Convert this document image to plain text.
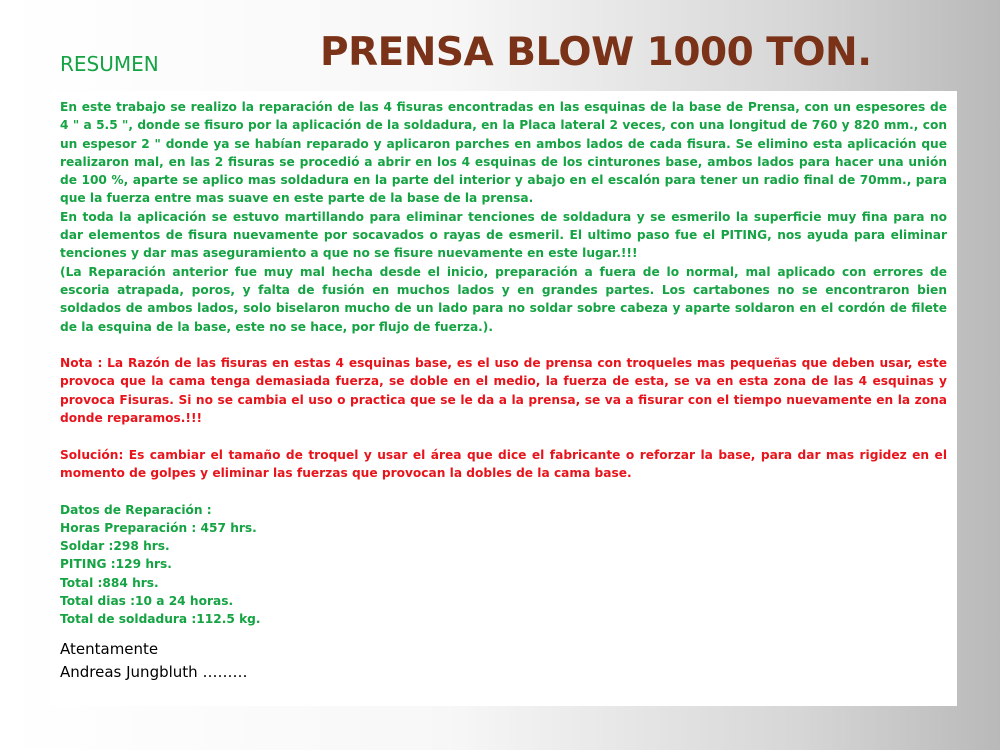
RESUMEN	PRENSA BLOW 1000 TON.

En este trabajo se realizo la reparación de las 4 fisuras encontradas en las esquinas de la base de Prensa, con un espesores de 4 " a 5.5 ", donde se fisuro por la aplicación de la soldadura, en la Placa lateral 2 veces, con una longitud de 760 y 820 mm., con un espesor 2 " donde ya se habían reparado y aplicaron parches en ambos lados de cada fisura. Se elimino esta aplicación que realizaron mal, en las 2 fisuras se procedió a abrir en los 4 esquinas de los cinturones base, ambos lados para hacer una unión de 100 %, aparte se aplico mas soldadura en la parte del interior y abajo en el escalón para tener un radio final de 70mm., para que la fuerza entre mas suave en este parte de la base de la prensa.

En toda la aplicación se estuvo martillando para eliminar tenciones de soldadura y se esmerilo la superficie muy fina para no dar elementos de fisura nuevamente por socavados o rayas de esmeril. El ultimo paso fue el PITING, nos ayuda para eliminar tenciones y dar mas aseguramiento a que no se fisure nuevamente en este lugar.!!!

(La Reparación anterior fue muy mal hecha desde el inicio, preparación a fuera de lo normal, mal aplicado con errores de escoria atrapada, poros, y falta de fusión en muchos lados y en grandes partes. Los cartabones no se encontraron bien soldados de ambos lados, solo biselaron mucho de un lado para no soldar sobre cabeza y aparte soldaron en el cordón de filete de la esquina de la base, este no se hace, por flujo de fuerza.).

Nota : La Razón de las fisuras en estas 4 esquinas base, es el uso de prensa con troqueles mas pequeñas que deben usar, este provoca que la cama tenga demasiada fuerza, se doble en el medio, la fuerza de esta, se va en esta zona de las 4 esquinas y provoca Fisuras. Si no se cambia el uso o practica que se le da a la prensa, se va a fisurar con el tiempo nuevamente en la zona donde reparamos.!!!

Solución: Es cambiar el tamaño de troquel y usar el área que dice el fabricante o reforzar la base, para dar mas rigidez en el momento de golpes y eliminar las fuerzas que provocan la dobles de la cama base.

Datos de Reparación :

Horas Preparación : 457 hrs.
Soldar :298 hrs.
PITING :129 hrs.
Total :884 hrs.
Total dias :10 a 24 horas.
Total de soldadura :112.5 kg.
Atentamente
Andreas Jungbluth ………
